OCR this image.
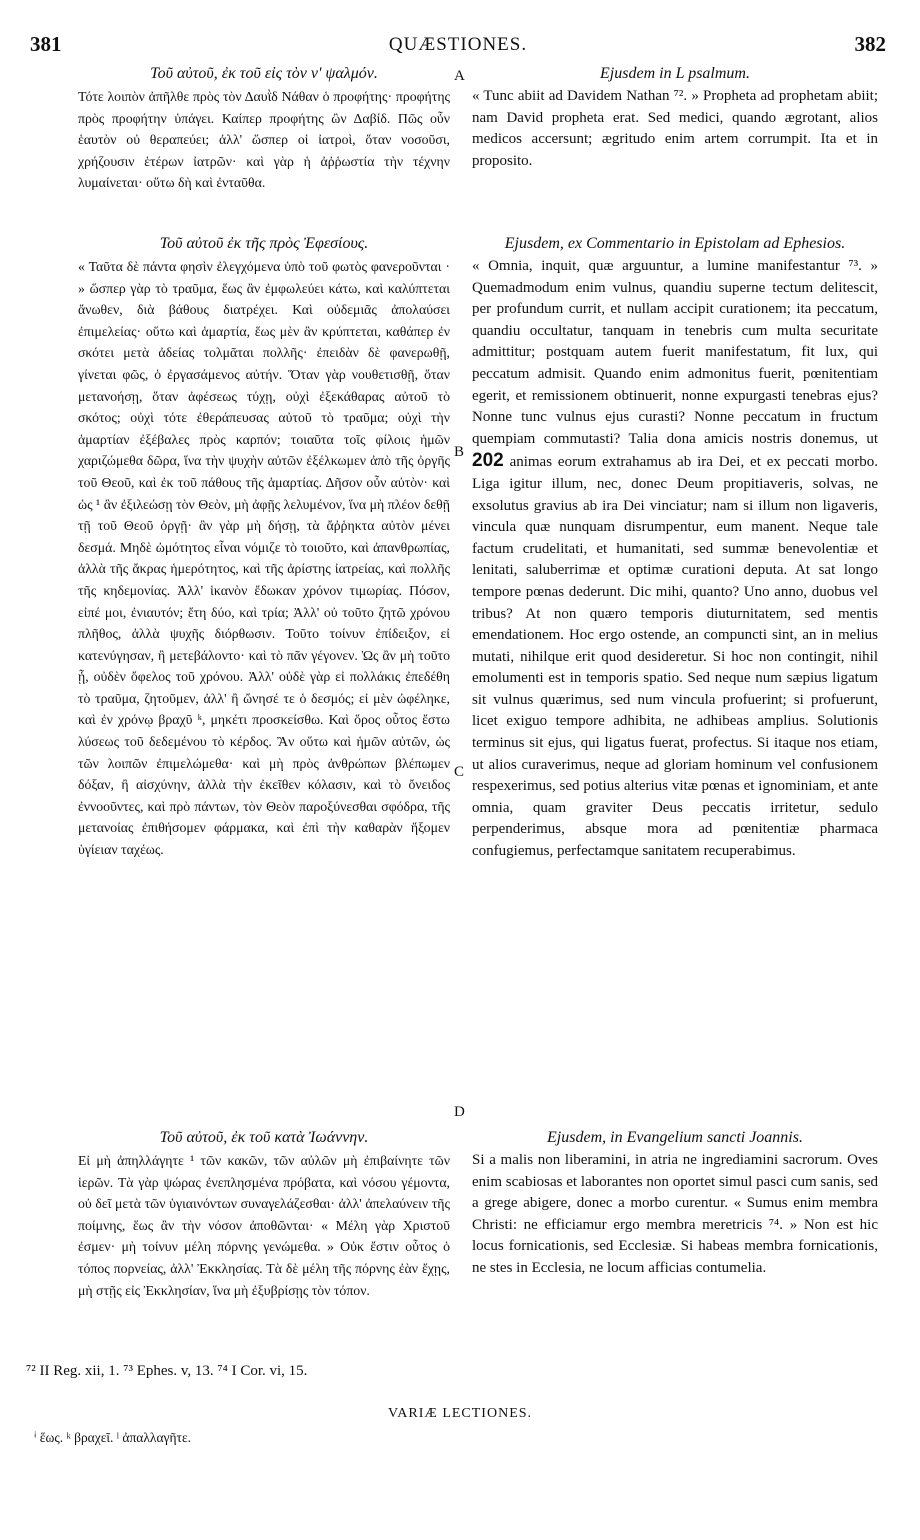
381	QUÆSTIONES.	382
Τοῦ αὐτοῦ, ἐκ τοῦ εἰς τὸν ν' ψαλμόν.

Τότε λοιπὸν ἀπῆλθε πρὸς τὸν Δαυῒδ Νάθαν ὁ προφήτης· προφήτης πρὸς προφήτην ὑπάγει. Καίπερ προφήτης ὢν Δαβίδ. Πῶς οὖν ἑαυτὸν οὐ θεραπεύει; ἀλλ' ὥσπερ οἱ ἰατροὶ, ὅταν νοσοῦσι, χρήζουσιν ἑτέρων ἰατρῶν· καὶ γὰρ ἡ ἀῤῥωστία τὴν τέχνην λυμαίνεται· οὕτω δὴ καὶ ἐνταῦθα.

Τοῦ αὐτοῦ ἐκ τῆς πρὸς Ἐφεσίους.

« Ταῦτα δὲ πάντα φησὶν ἐλεγχόμενα ὑπὸ τοῦ φωτὸς φανεροῦνται · » ὥσπερ γὰρ τὸ τραῦμα, ἕως ἂν ἐμφωλεύει κάτω, καὶ καλύπτεται ἄνωθεν, διὰ βάθους διατρέχει. Καὶ οὐδεμιᾶς ἀπολαύσει ἐπιμελείας· οὕτω καὶ ἁμαρτία, ἕως μὲν ἂν κρύπτεται, καθάπερ ἐν σκότει μετὰ ἀδείας τολμᾶται πολλῆς· ἐπειδὰν δὲ φανερωθῇ, γίνεται φῶς, ὁ ἐργασάμενος αὐτήν. Ὅταν γὰρ νουθετισθῇ, ὅταν μετανοήσῃ, ὅταν ἀφέσεως τύχῃ, οὐχὶ ἐξεκάθαρας αὐτοῦ τὸ σκότος; οὐχὶ τότε ἐθεράπευσας αὐτοῦ τὸ τραῦμα; οὐχὶ τὴν ἁμαρτίαν ἐξέβαλες πρὸς καρπόν; τοιαῦτα τοῖς φίλοις ἡμῶν χαριζώμεθα δῶρα, ἵνα τὴν ψυχὴν αὐτῶν ἐξέλκωμεν ἀπὸ τῆς ὀργῆς τοῦ Θεοῦ, καὶ ἐκ τοῦ πάθους τῆς ἁμαρτίας. Δῆσον οὖν αὐτὸν· καὶ ὡς ¹ ἂν ἐξιλεώσῃ τὸν Θεὸν, μὴ ἀφῇς λελυμένον, ἵνα μὴ πλέον δεθῇ τῇ τοῦ Θεοῦ ὀργῇ· ἂν γὰρ μὴ δήσῃ, τὰ ἄῤῥηκτα αὐτὸν μένει δεσμά. Μηδὲ ὠμότητος εἶναι νόμιζε τὸ τοιοῦτο, καὶ ἀπανθρωπίας, ἀλλὰ τῆς ἄκρας ἡμερότητος, καὶ τῆς ἀρίστης ἰατρείας, καὶ πολλῆς τῆς κηδεμονίας. Ἀλλ' ἱκανὸν ἔδωκαν χρόνον τιμωρίας. Πόσον, εἰπέ μοι, ἐνιαυτόν; ἔτη δύο, καὶ τρία; Ἀλλ' οὐ τοῦτο ζητῶ χρόνου πλῆθος, ἀλλὰ ψυχῆς διόρθωσιν. Τοῦτο τοίνυν ἐπίδειξον, εἰ κατενύγησαν, ἢ μετεβάλοντο· καὶ τὸ πᾶν γέγονεν. Ὡς ἂν μὴ τοῦτο ᾖ, οὐδὲν ὄφελος τοῦ χρόνου. Ἀλλ' οὐδὲ γὰρ εἰ πολλάκις ἐπεδέθη τὸ τραῦμα, ζητοῦμεν, ἀλλ' ἢ ὤνησέ τε ὁ δεσμός; εἰ μὲν ὠφέληκε, καὶ ἐν χρόνῳ βραχῦ ᵏ, μηκέτι προσκείσθω. Καὶ ὅρος οὗτος ἔστω λύσεως τοῦ δεδεμένου τὸ κέρδος. Ἂν οὕτω καὶ ἡμῶν αὐτῶν, ὡς τῶν λοιπῶν ἐπιμελώμεθα· καὶ μὴ πρὸς ἀνθρώπων βλέπωμεν δόξαν, ἢ αἰσχύνην, ἀλλὰ τὴν ἐκεῖθεν κόλασιν, καὶ τὸ ὄνειδος ἐννοοῦντες, καὶ πρὸ πάντων, τὸν Θεὸν παροξύνεσθαι σφόδρα, τῆς μετανοίας ἐπιθήσομεν φάρμακα, καὶ ἐπὶ τὴν καθαρὰν ἥξομεν ὑγίειαν ταχέως.

Τοῦ αὐτοῦ, ἐκ τοῦ κατὰ Ἰωάννην.

Εἰ μὴ ἀπηλλάγητε ¹ τῶν κακῶν, τῶν αὐλῶν μὴ ἐπιβαίνητε τῶν ἱερῶν. Τὰ γὰρ ψώρας ἐνεπλησμένα πρόβατα, καὶ νόσου γέμοντα, οὐ δεῖ μετὰ τῶν ὑγιαινόντων συναγελάζεσθαι· ἀλλ' ἀπελαύνειν τῆς ποίμνης, ἕως ἂν τὴν νόσον ἀποθῶνται· « Μέλη γὰρ Χριστοῦ ἐσμεν· μὴ τοίνυν μέλη πόρνης γενώμεθα. » Οὐκ ἔστιν οὗτος ὁ τόπος πορνείας, ἀλλ' Ἐκκλησίας. Τὰ δὲ μέλη τῆς πόρνης ἐὰν ἔχῃς, μὴ στῇς εἰς Ἐκκλησίαν, ἵνα μὴ ἐξυβρίσῃς τὸν τόπον.

A
B
C
D
Ejusdem in L psalmum.

« Tunc abiit ad Davidem Nathan ⁷². » Propheta ad prophetam abiit; nam David propheta erat. Sed medici, quando ægrotant, alios medicos accersunt; ægritudo enim artem corrumpit. Ita et in proposito.

Ejusdem, ex Commentario in Epistolam ad Ephesios.

« Omnia, inquit, quæ arguuntur, a lumine manifestantur ⁷³. » Quemadmodum enim vulnus, quandiu superne tectum delitescit, per profundum currit, et nullam accipit curationem; ita peccatum, quandiu occultatur, tanquam in tenebris cum multa securitate admittitur; postquam autem fuerit manifestatum, fit lux, qui peccatum admisit. Quando enim admonitus fuerit, pœnitentiam egerit, et remissionem obtinuerit, nonne expurgasti tenebras ejus? Nonne tunc vulnus ejus curasti? Nonne peccatum in fructum quempiam commutasti? Talia dona amicis nostris donemus, ut 202 animas eorum extrahamus ab ira Dei, et ex peccati morbo. Liga igitur illum, nec, donec Deum propitiaveris, solvas, ne exsolutus gravius ab ira Dei vinciatur; nam si illum non ligaveris, vincula quæ nunquam disrumpentur, eum manent. Neque tale factum crudelitati, et humanitati, sed summæ benevolentiæ et lenitati, saluberrimæ et optimæ curationi deputa. At sat longo tempore pœnas dederunt. Dic mihi, quanto? Uno anno, duobus vel tribus? At non quæro temporis diuturnitatem, sed mentis emendationem. Hoc ergo ostende, an compuncti sint, an in melius mutati, nihilque erit quod desideretur. Si hoc non contingit, nihil emolumenti est in temporis spatio. Sed neque num sæpius ligatum sit vulnus quærimus, sed num vincula profuerint; si profuerunt, licet exiguo tempore adhibita, ne adhibeas amplius. Solutionis terminus sit ejus, qui ligatus fuerat, profectus. Si itaque nos etiam, ut alios curaverimus, neque ad gloriam hominum vel confusionem respexerimus, sed potius alterius vitæ pœnas et ignominiam, et ante omnia, quam graviter Deus peccatis irritetur, sedulo perpenderimus, absque mora ad pœnitentiæ pharmaca confugiemus, perfectamque sanitatem recuperabimus.

Ejusdem, in Evangelium sancti Joannis.

Si a malis non liberamini, in atria ne ingrediamini sacrorum. Oves enim scabiosas et laborantes non oportet simul pasci cum sanis, sed a grege abigere, donec a morbo curentur. « Sumus enim membra Christi: ne efficiamur ergo membra meretricis ⁷⁴. » Non est hic locus fornicationis, sed Ecclesiæ. Si habeas membra fornicationis, ne stes in Ecclesia, ne locum afficias contumelia.

⁷² II Reg. xii, 1. ⁷³ Ephes. v, 13. ⁷⁴ I Cor. vi, 15.
VARIÆ LECTIONES.
ⁱ ἕως. ᵏ βραχεῖ. ˡ ἀπαλλαγῆτε.
